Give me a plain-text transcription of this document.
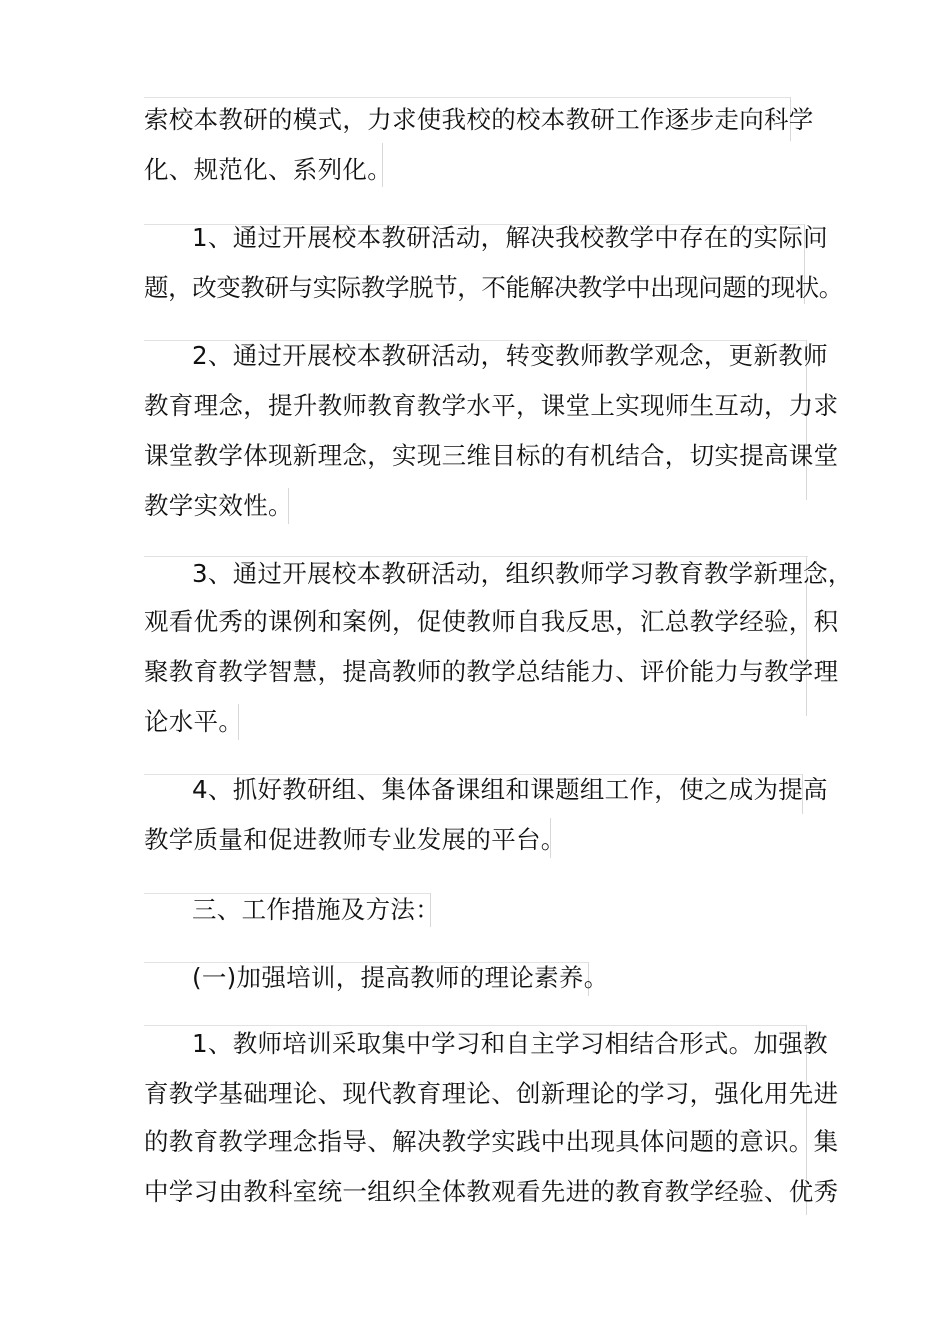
索校本教研的模式，力求使我校的校本教研工作逐步走向科学
化、规范化、系列化。
1、通过开展校本教研活动，解决我校教学中存在的实际问
题，改变教研与实际教学脱节，不能解决教学中出现问题的现状。
2、通过开展校本教研活动，转变教师教学观念，更新教师
教育理念，提升教师教育教学水平，课堂上实现师生互动，力求
课堂教学体现新理念，实现三维目标的有机结合，切实提高课堂
教学实效性。
3、通过开展校本教研活动，组织教师学习教育教学新理念，
观看优秀的课例和案例，促使教师自我反思，汇总教学经验，积
聚教育教学智慧，提高教师的教学总结能力、评价能力与教学理
论水平。
4、抓好教研组、集体备课组和课题组工作，使之成为提高
教学质量和促进教师专业发展的平台。
三、工作措施及方法：
(一)加强培训，提高教师的理论素养。
1、教师培训采取集中学习和自主学习相结合形式。加强教
育教学基础理论、现代教育理论、创新理论的学习，强化用先进
的教育教学理念指导、解决教学实践中出现具体问题的意识。集
中学习由教科室统一组织全体教观看先进的教育教学经验、优秀
